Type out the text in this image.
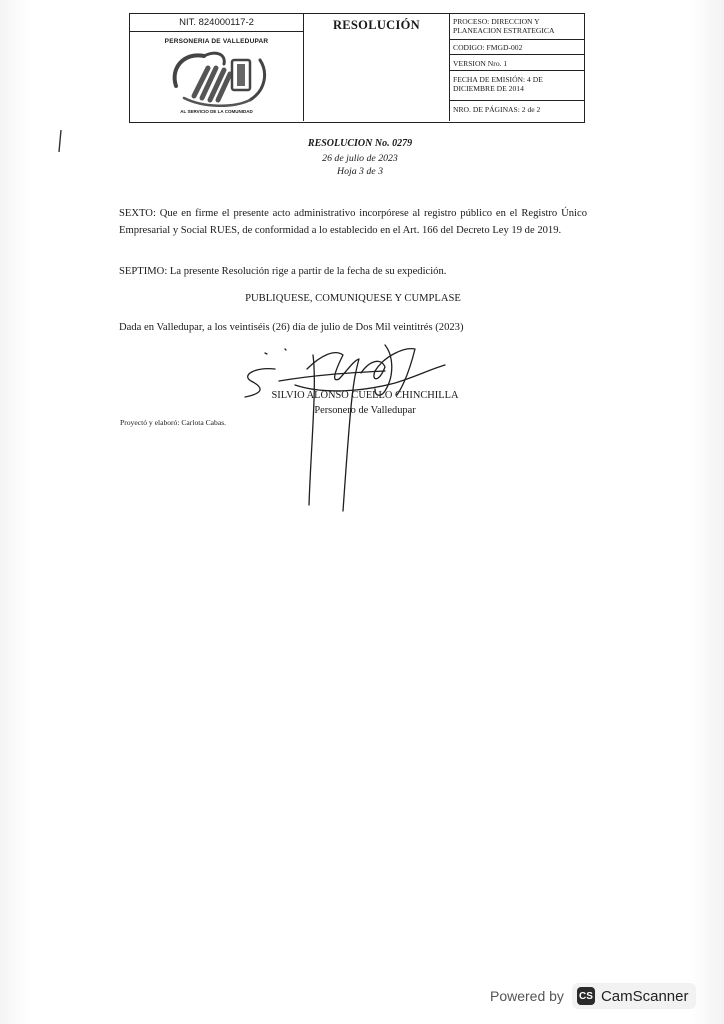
NIT. 824000117-2
PERSONERIA DE VALLEDUPAR
AL SERVICIO DE LA COMUNIDAD
RESOLUCIÓN	PROCESO: DIRECCION Y PLANEACION ESTRATEGICA
CODIGO: FMGD-002
VERSION Nro. 1
FECHA DE EMISIÓN: 4 DE DICIEMBRE DE 2014
NRO. DE PÁGINAS: 2 de 2
RESOLUCION No. 0279
26 de julio de 2023
Hoja 3 de 3
SEXTO: Que en firme el presente acto administrativo incorpórese al registro público en el Registro Único Empresarial y Social RUES, de conformidad a lo establecido en el Art. 166 del Decreto Ley 19 de 2019.
SEPTIMO: La presente Resolución rige a partir de la fecha de su expedición.
PUBLIQUESE, COMUNIQUESE Y CUMPLASE
Dada en Valledupar, a los veintiséis (26) día de julio de Dos Mil veintitrés (2023)
SILVIO ALONSO CUELLO CHINCHILLA
Personero de Valledupar
Proyectó y elaboró: Carlota Cabas.
Powered by CS CamScanner
